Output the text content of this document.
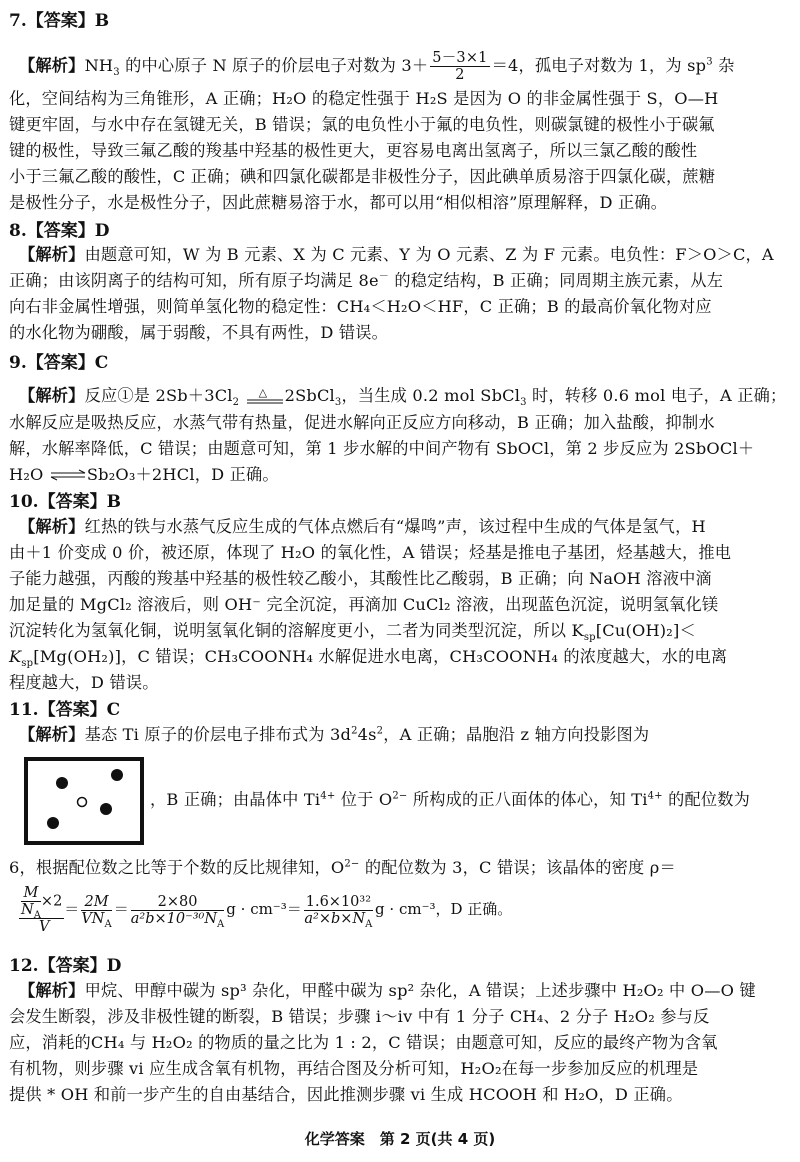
7.【答案】B
【解析】$NH_3$ 的中心原子 N 原子的价层电子对数为 $3+ \frac{5-3\times 1}{2} =4$，孤电子对数为 1，为 $sp^3$ 杂
化，空间结构为三角锥形，A 正确；H₂O 的稳定性强于 H₂S 是因为 O 的非金属性强于 S，O—H
键更牢固，与水中存在氢键无关，B 错误；氯的电负性小于氟的电负性，则碳氯键的极性小于碳氟
键的极性，导致三氟乙酸的羧基中羟基的极性更大，更容易电离出氢离子，所以三氯乙酸的酸性
小于三氟乙酸的酸性，C 正确；碘和四氯化碳都是非极性分子，因此碘单质易溶于四氯化碳，蔗糖
是极性分子，水是极性分子，因此蔗糖易溶于水，都可以用“相似相溶”原理解释，D 正确。
8.【答案】D
【解析】由题意可知，W 为 B 元素、X 为 C 元素、Y 为 O 元素、Z 为 F 元素。电负性：F＞O＞C，A
正确；由该阴离子的结构可知，所有原子均满足 8e－ 的稳定结构，B 正确；同周期主族元素，从左
向右非金属性增强，则简单氢化物的稳定性：CH₄＜H₂O＜HF，C 正确；B 的最高价氧化物对应
的水化物为硼酸，属于弱酸，不具有两性，D 错误。
9.【答案】C
【解析】反应①是 $2Sb+3Cl_2$
△ 2SbCl$_3$，当生成 0.2 mol SbCl$_3$ 时，转移 0.6 mol 电子，A 正确；
水解反应是吸热反应，水蒸气带有热量，促进水解向正反应方向移动，B 正确；加入盐酸，抑制水
解，水解率降低，C 错误；由题意可知，第 1 步水解的中间产物有 SbOCl，第 2 步反应为 2SbOCl＋
H₂O ⇌Sb₂O₃＋2HCl，D 正确。
10.【答案】B
【解析】红热的铁与水蒸气反应生成的气体点燃后有“爆鸣”声，该过程中生成的气体是氢气，H
由＋1 价变成 0 价，被还原，体现了 H₂O 的氧化性，A 错误；烃基是推电子基团，烃基越大，推电
子能力越强，丙酸的羧基中羟基的极性较乙酸小，其酸性比乙酸弱，B 正确；向 NaOH 溶液中滴
加足量的 MgCl₂ 溶液后，则 OH⁻ 完全沉淀，再滴加 CuCl₂ 溶液，出现蓝色沉淀，说明氢氧化镁
沉淀转化为氢氧化铜，说明氢氧化铜的溶解度更小，二者为同类型沉淀，所以 $K_{sp}[Cu(OH)_2]<$
$K_{sp}[Mg(OH_2)]$，C 错误；CH₃COONH₄ 水解促进水电离，CH₃COONH₄ 的浓度越大，水的电离
程度越大，D 错误。
11.【答案】C
【解析】基态 Ti 原子的价层电子排布式为 $3d^24s^2$，A 正确；晶胞沿 z 轴方向投影图为
，B 正确；由晶体中 $Ti^{4+}$ 位于 $O^{2-}$ 所构成的正八面体的体心，知 $Ti^{4+}$ 的配位数为
6，根据配位数之比等于个数的反比规律知，$O^{2-}$ 的配位数为 3，C 错误；该晶体的密度 ρ＝
$\frac{\frac{M}{N_A} \times 2}{V} = \frac{2M}{VN_A} = \frac{2\times 80}{a^2b\times 10^{-30}N_A}$ $g \cdot cm^{-3}= \frac{\text{1.6×10³²}}{a^2\times b\times N_A}$ g · cm⁻³，D 正确。
12.【答案】D
【解析】甲烷、甲醇中碳为 sp³ 杂化，甲醛中碳为 sp² 杂化，A 错误；上述步骤中 H₂O₂ 中 O—O 键
会发生断裂，涉及非极性键的断裂，B 错误；步骤 i～iv 中有 1 分子 CH₄、2 分子 H₂O₂ 参与反
应，消耗的CH₄ 与 H₂O₂ 的物质的量之比为 1 : 2，C 错误；由题意可知，反应的最终产物为含氧
有机物，则步骤 vi 应生成含氧有机物，再结合图及分析可知，H₂O₂在每一步参加反应的机理是
提供 * OH 和前一步产生的自由基结合，因此推测步骤 vi 生成 HCOOH 和 H₂O，D 正确。
化学答案　第 2 页(共 4 页)
